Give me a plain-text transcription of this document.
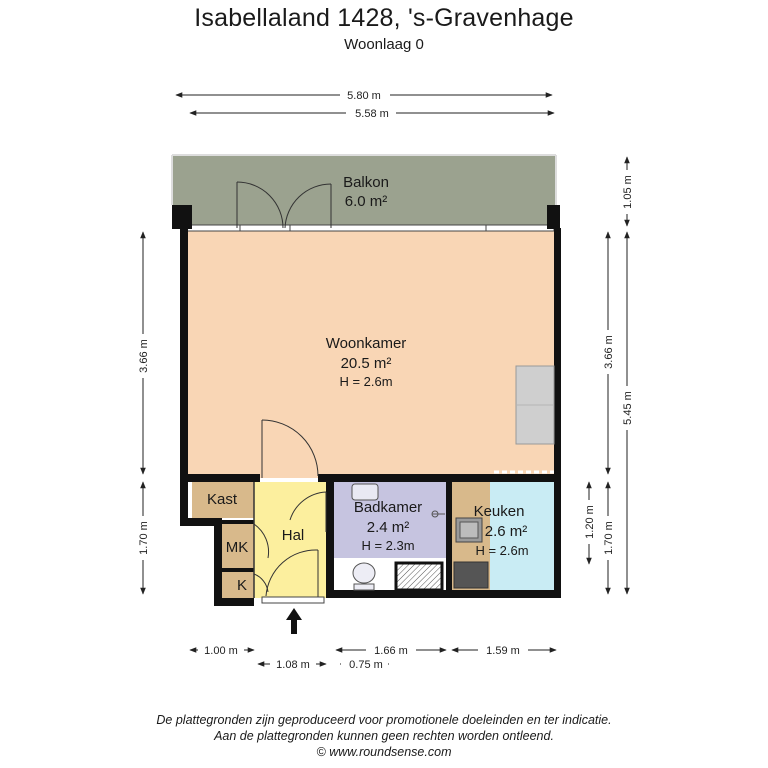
Isabellaland 1428, 's-Gravenhage
Woonlaag 0
Balkon
6.0 m²
Woonkamer
20.5 m²
H = 2.6m
Kast
MK
K
Hal
Badkamer
2.4 m²
H = 2.3m
Keuken
2.6 m²
H = 2.6m
5.80 m
5.58 m
3.66 m
1.70 m
1.05 m
3.66 m
5.45 m
1.20 m 1.70 m
1.00 m	1.66 m	1.59 m
1.08 m	0.75 m
De plattegronden zijn geproduceerd voor promotionele doeleinden en ter indicatie.
Aan de plattegronden kunnen geen rechten worden ontleend.
© www.roundsense.com
